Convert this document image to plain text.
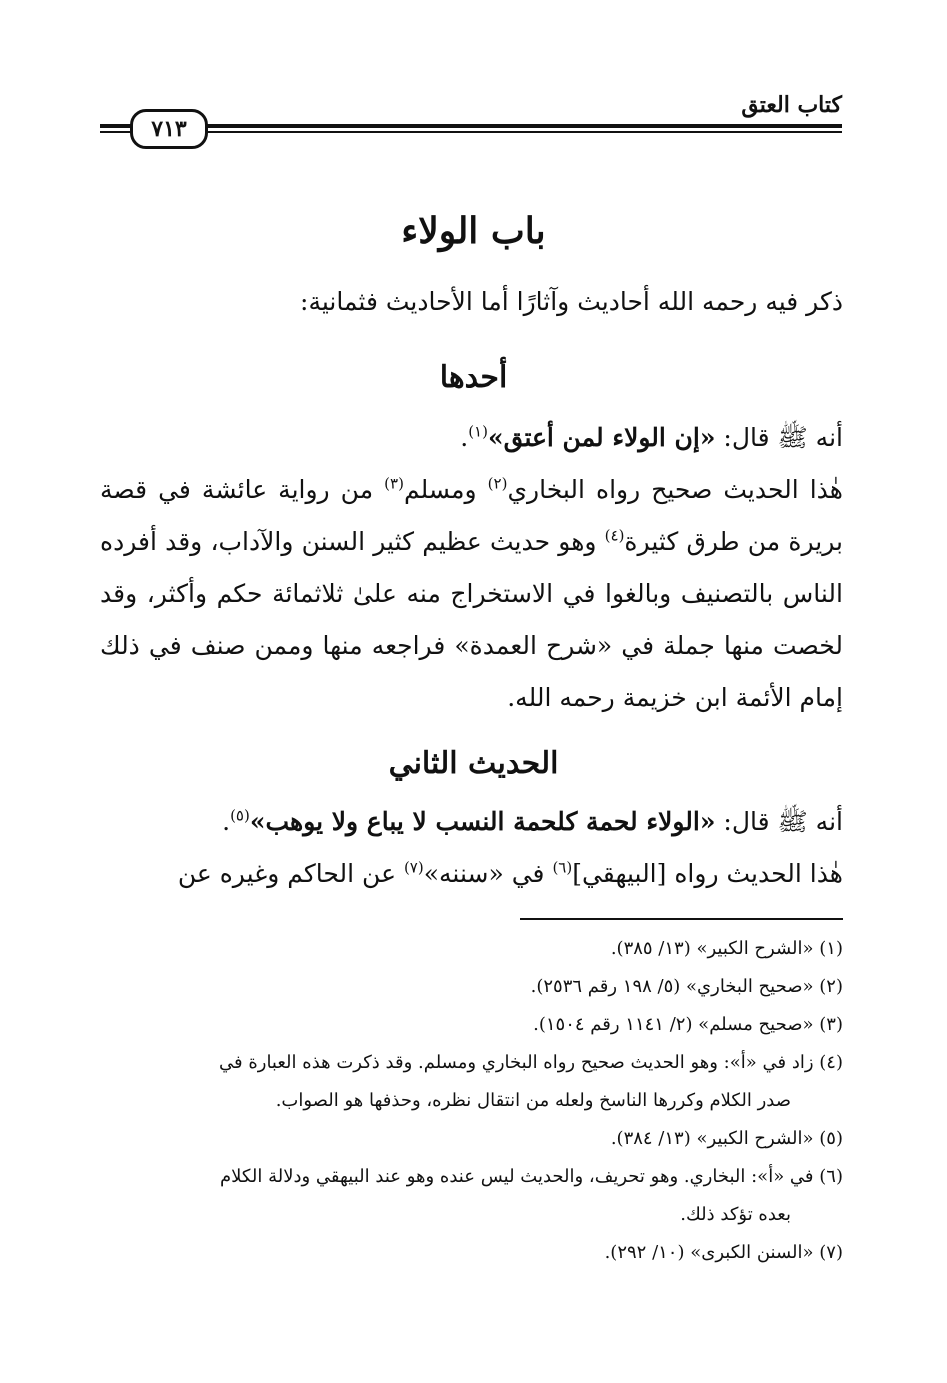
كتاب العتق
٧١٣
باب الولاء
ذكر فيه رحمه الله أحاديث وآثارًا أما الأحاديث فثمانية:
أحدها
أنه ﷺ قال: «إن الولاء لمن أعتق»$^{(١)}$.
هٰذا الحديث صحيح رواه البخاري$^{(٢)}$ ومسلم$^{(٣)}$ من رواية عائشة في قصة بريرة من طرق كثيرة$^{(٤)}$ وهو حديث عظيم كثير السنن والآداب، وقد أفرده الناس بالتصنيف وبالغوا في الاستخراج منه علىٰ ثلاثمائة حكم وأكثر، وقد لخصت منها جملة في «شرح العمدة» فراجعه منها وممن صنف في ذلك إمام الأئمة ابن خزيمة رحمه الله.
الحديث الثاني
أنه ﷺ قال: «الولاء لحمة كلحمة النسب لا يباع ولا يوهب»$^{(٥)}$.
هٰذا الحديث رواه [البيهقي]$^{(٦)}$ في «سننه»$^{(٧)}$ عن الحاكم وغيره عن
(١) «الشرح الكبير» (١٣/ ٣٨٥).
(٢) «صحيح البخاري» (٥/ ١٩٨ رقم ٢٥٣٦).
(٣) «صحيح مسلم» (٢/ ١١٤١ رقم ١٥٠٤).
(٤) زاد في «أ»: وهو الحديث صحيح رواه البخاري ومسلم. وقد ذكرت هذه العبارة في
صدر الكلام وكررها الناسخ ولعله من انتقال نظره، وحذفها هو الصواب.
(٥) «الشرح الكبير» (١٣/ ٣٨٤).
(٦) في «أ»: البخاري. وهو تحريف، والحديث ليس عنده وهو عند البيهقي ودلالة الكلام
بعده تؤكد ذلك.
(٧) «السنن الكبرى» (١٠/ ٢٩٢).
